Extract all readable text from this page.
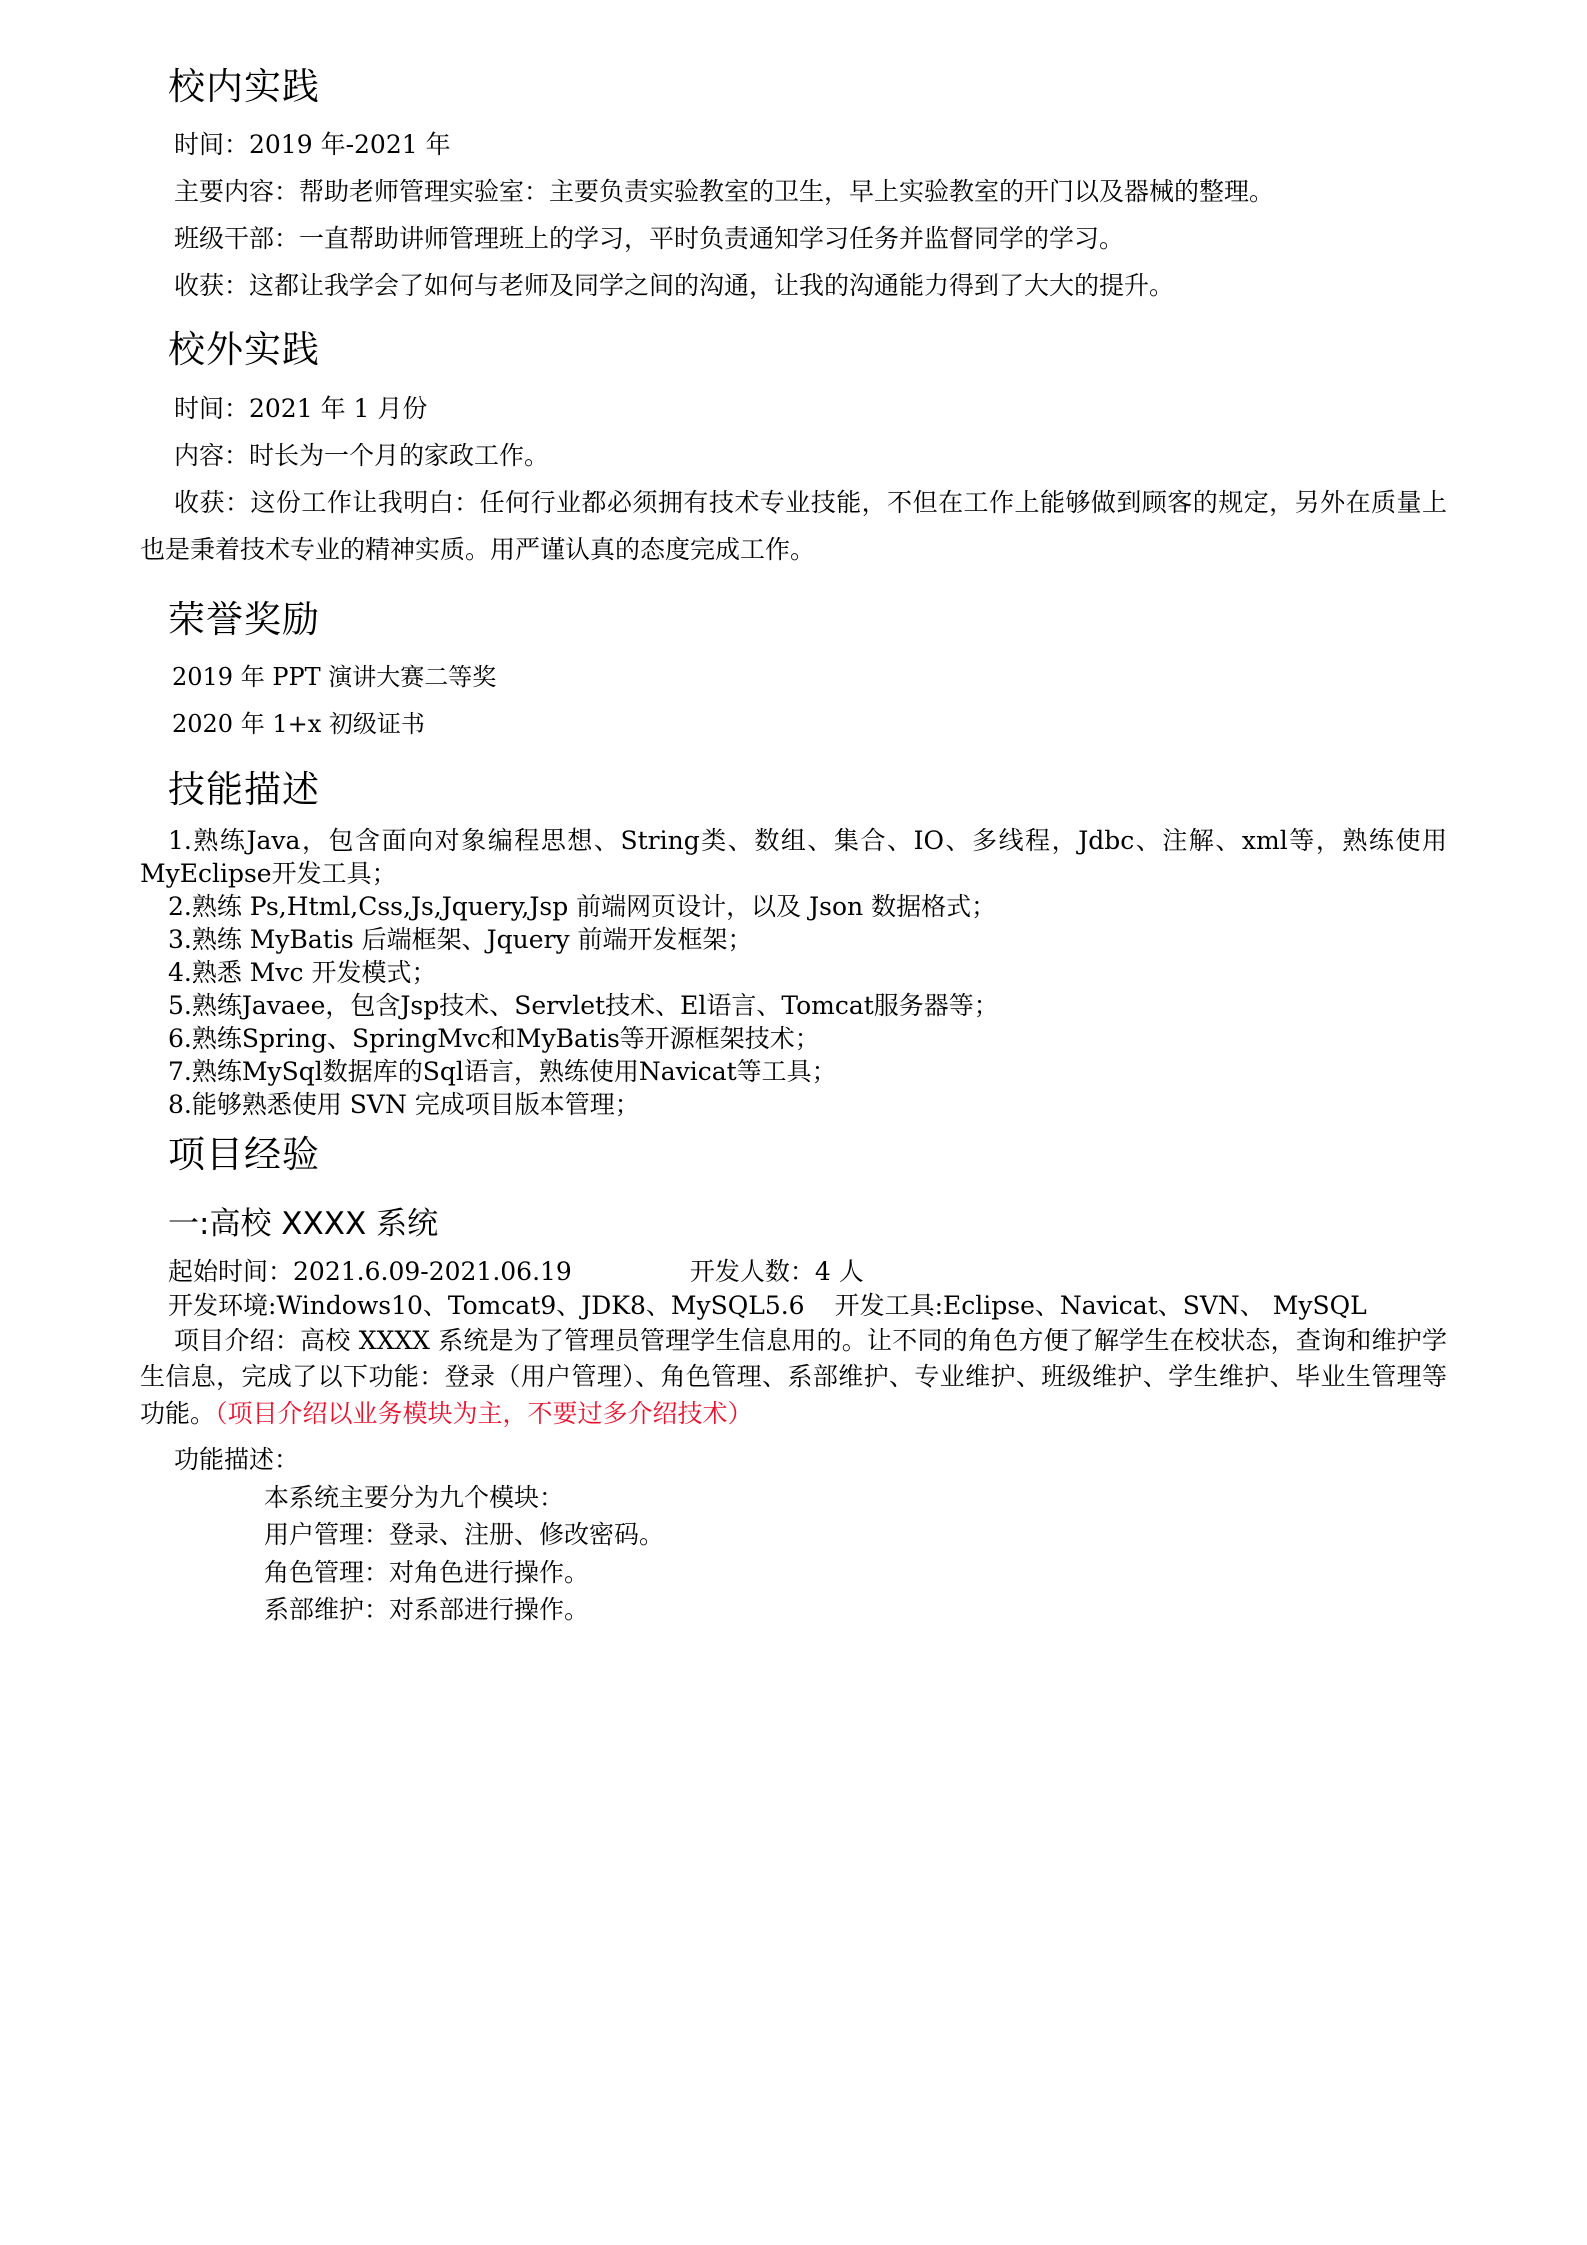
校内实践

时间：2019 年-2021 年

主要内容：帮助老师管理实验室：主要负责实验教室的卫生，早上实验教室的开门以及器械的整理。

班级干部：一直帮助讲师管理班上的学习，平时负责通知学习任务并监督同学的学习。

收获：这都让我学会了如何与老师及同学之间的沟通，让我的沟通能力得到了大大的提升。

校外实践

时间：2021 年 1 月份

内容：时长为一个月的家政工作。

收获：这份工作让我明白：任何行业都必须拥有技术专业技能，不但在工作上能够做到顾客的规定，另外在质量上也是秉着技术专业的精神实质。用严谨认真的态度完成工作。

荣誉奖励

2019 年 PPT 演讲大赛二等奖

2020 年 1+x 初级证书

技能描述

1.熟练Java，包含面向对象编程思想、String类、数组、集合、IO、多线程，Jdbc、注解、xml等，熟练使用MyEclipse开发工具；

2.熟练 Ps,Html,Css,Js,Jquery,Jsp 前端网页设计，以及 Json 数据格式；

3.熟练 MyBatis 后端框架、Jquery 前端开发框架；

4.熟悉 Mvc 开发模式；

5.熟练Javaee，包含Jsp技术、Servlet技术、El语言、Tomcat服务器等；

6.熟练Spring、SpringMvc和MyBatis等开源框架技术；

7.熟练MySql数据库的Sql语言，熟练使用Navicat等工具；

8.能够熟悉使用 SVN 完成项目版本管理；

项目经验
一:高校 XXXX 系统

起始时间：2021.6.09-2021.06.19	开发人数：4 人

开发环境:Windows10、Tomcat9、JDK8、MySQL5.6 开发工具:Eclipse、Navicat、SVN、 MySQL

项目介绍：高校 XXXX 系统是为了管理员管理学生信息用的。让不同的角色方便了解学生在校状态，查询和维护学生信息，完成了以下功能：登录（用户管理）、角色管理、系部维护、专业维护、班级维护、学生维护、毕业生管理等功能。（项目介绍以业务模块为主，不要过多介绍技术）

功能描述：

本系统主要分为九个模块：

用户管理：登录、注册、修改密码。

角色管理：对角色进行操作。

系部维护：对系部进行操作。
